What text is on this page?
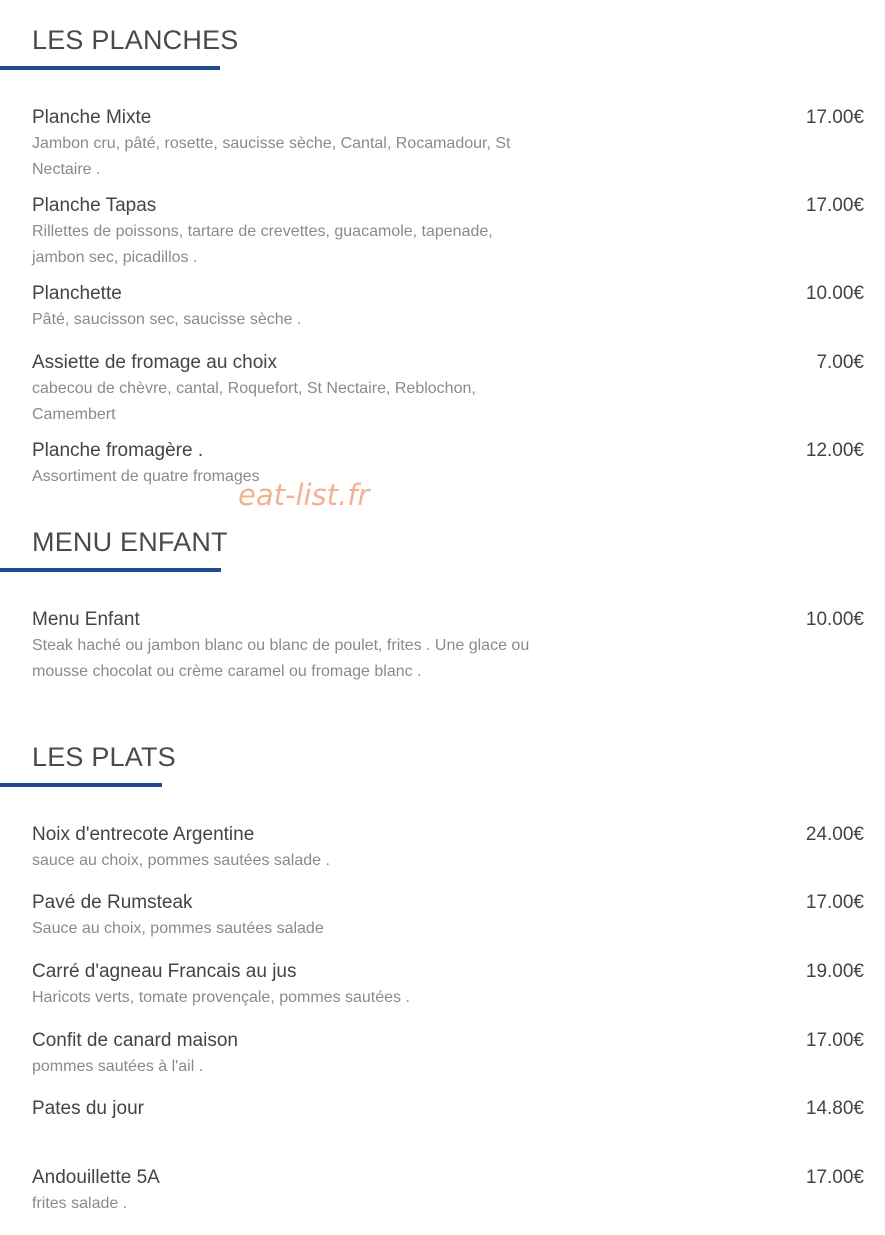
LES PLANCHES
Planche Mixte
Jambon cru, pâté, rosette, saucisse sèche, Cantal, Rocamadour, St Nectaire .
17.00€
Planche Tapas
Rillettes de poissons, tartare de crevettes, guacamole, tapenade, jambon sec, picadillos .
17.00€
Planchette
Pâté, saucisson sec, saucisse sèche .
10.00€
Assiette de fromage au choix
cabecou de chèvre, cantal, Roquefort, St Nectaire, Reblochon, Camembert
7.00€
Planche fromagère .
Assortiment de quatre fromages
12.00€
eat-list.fr
MENU ENFANT
Menu Enfant
Steak haché ou jambon blanc ou blanc de poulet, frites . Une glace ou mousse chocolat ou crème caramel ou fromage blanc .
10.00€
LES PLATS
Noix d'entrecote Argentine
sauce au choix, pommes sautées salade .
24.00€
Pavé de Rumsteak
Sauce au choix, pommes sautées salade
17.00€
Carré d'agneau Francais au jus
Haricots verts, tomate provençale, pommes sautées .
19.00€
Confit de canard maison
pommes sautées à l'ail .
17.00€
Pates du jour	14.80€
Andouillette 5A
frites salade .
17.00€
